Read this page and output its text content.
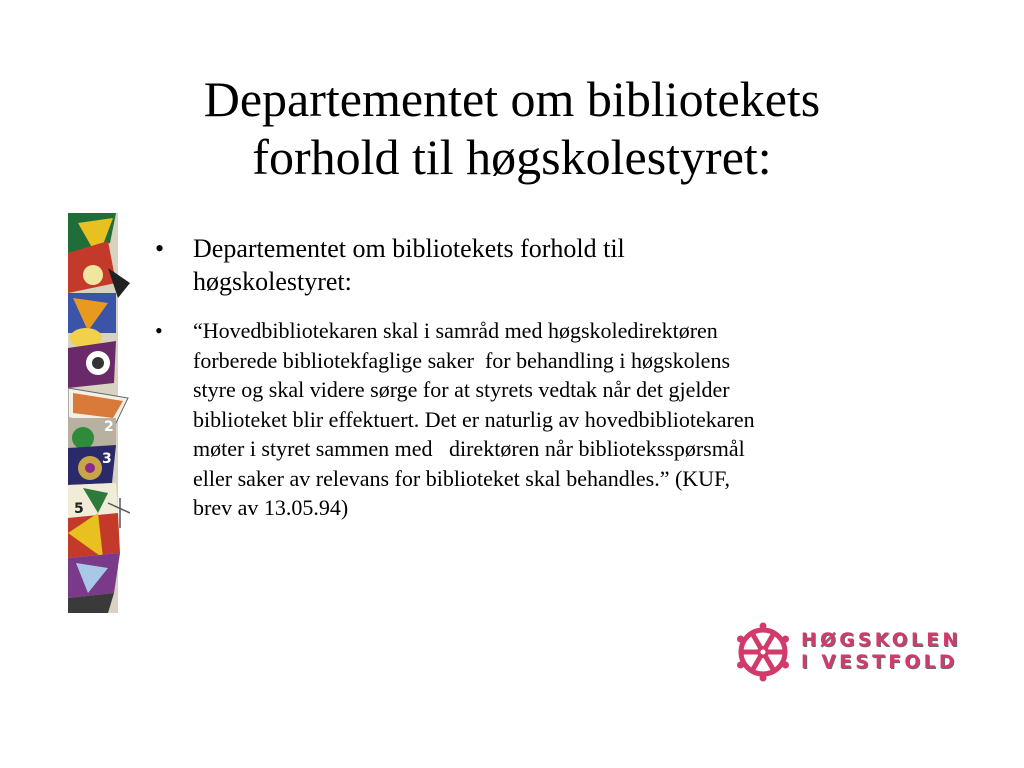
Departementet om bibliotekets
forhold til høgskolestyret:
2
3
5
• Departementet om bibliotekets forhold til
høgskolestyret:
• “Hovedbibliotekaren skal i samråd med høgskoledirektøren
forberede bibliotekfaglige saker  for behandling i høgskolens
styre og skal videre sørge for at styrets vedtak når det gjelder
biblioteket blir effektuert. Det er naturlig av hovedbibliotekaren
møter i styret sammen med   direktøren når biblioteksspørsmål
eller saker av relevans for biblioteket skal behandles.” (KUF,
brev av 13.05.94)
HØGSKOLEN
I VESTFOLD
